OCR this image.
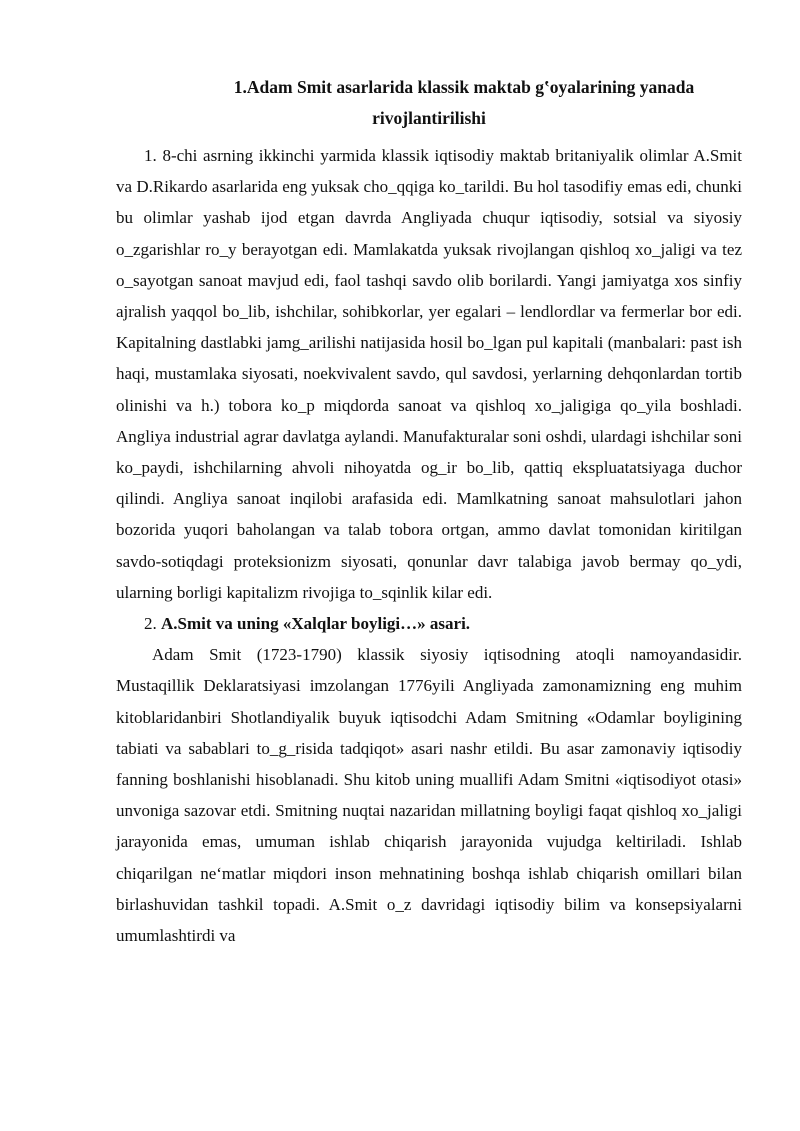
1.Adam Smit asarlarida klassik maktab gʽoyalarining yanada
rivojlantirilishi

1. 8-chi asrning ikkinchi yarmida klassik iqtisodiy maktab britaniyalik olimlar A.Smit va D.Rikardo asarlarida eng yuksak cho_qqiga ko_tarildi. Bu hol tasodifiy emas edi, chunki bu olimlar yashab ijod etgan davrda Angliyada chuqur iqtisodiy, sotsial va siyosiy o_zgarishlar ro_y berayotgan edi. Mamlakatda yuksak rivojlangan qishloq xo_jaligi va tez o_sayotgan sanoat mavjud edi, faol tashqi savdo olib borilardi. Yangi jamiyatga xos sinfiy ajralish yaqqol bo_lib, ishchilar, sohibkorlar, yer egalari – lendlordlar va fermerlar bor edi. Kapitalning dastlabki jamg_arilishi natijasida hosil bo_lgan pul kapitali (manbalari: past ish haqi, mustamlaka siyosati, noekvivalent savdo, qul savdosi, yerlarning dehqonlardan tortib olinishi va h.) tobora ko_p miqdorda sanoat va qishloq xo_jaligiga qo_yila boshladi. Angliya industrial agrar davlatga aylandi. Manufakturalar soni oshdi, ulardagi ishchilar soni ko_paydi, ishchilarning ahvoli nihoyatda og_ir bo_lib, qattiq ekspluatatsiyaga duchor qilindi. Angliya sanoat inqilobi arafasida edi. Mamlkatning sanoat mahsulotlari jahon bozorida yuqori baholangan va talab tobora ortgan, ammo davlat tomonidan kiritilgan savdo-sotiqdagi proteksionizm siyosati, qonunlar davr talabiga javob bermay qo_ydi, ularning borligi kapitalizm rivojiga to_sqinlik kilar edi.

2. A.Smit va uning «Xalqlar boyligi…» asari.

Adam Smit (1723-1790) klassik siyosiy iqtisodning atoqli namoyandasidir. Mustaqillik Deklaratsiyasi imzolangan 1776yili Angliyada zamonamizning eng muhim kitoblaridanbiri Shotlandiyalik buyuk iqtisodchi Adam Smitning «Odamlar boyligining tabiati va sabablari to_g_risida tadqiqot» asari nashr etildi. Bu asar zamonaviy iqtisodiy fanning boshlanishi hisoblanadi. Shu kitob uning muallifi Adam Smitni «iqtisodiyot otasi» unvoniga sazovar etdi. Smitning nuqtai nazaridan millatning boyligi faqat qishloq xo_jaligi jarayonida emas, umuman ishlab chiqarish jarayonida vujudga keltiriladi. Ishlab chiqarilgan neʻmatlar miqdori inson mehnatining boshqa ishlab chiqarish omillari bilan birlashuvidan tashkil topadi. A.Smit o_z davridagi iqtisodiy bilim va konsepsiyalarni umumlashtirdi va
